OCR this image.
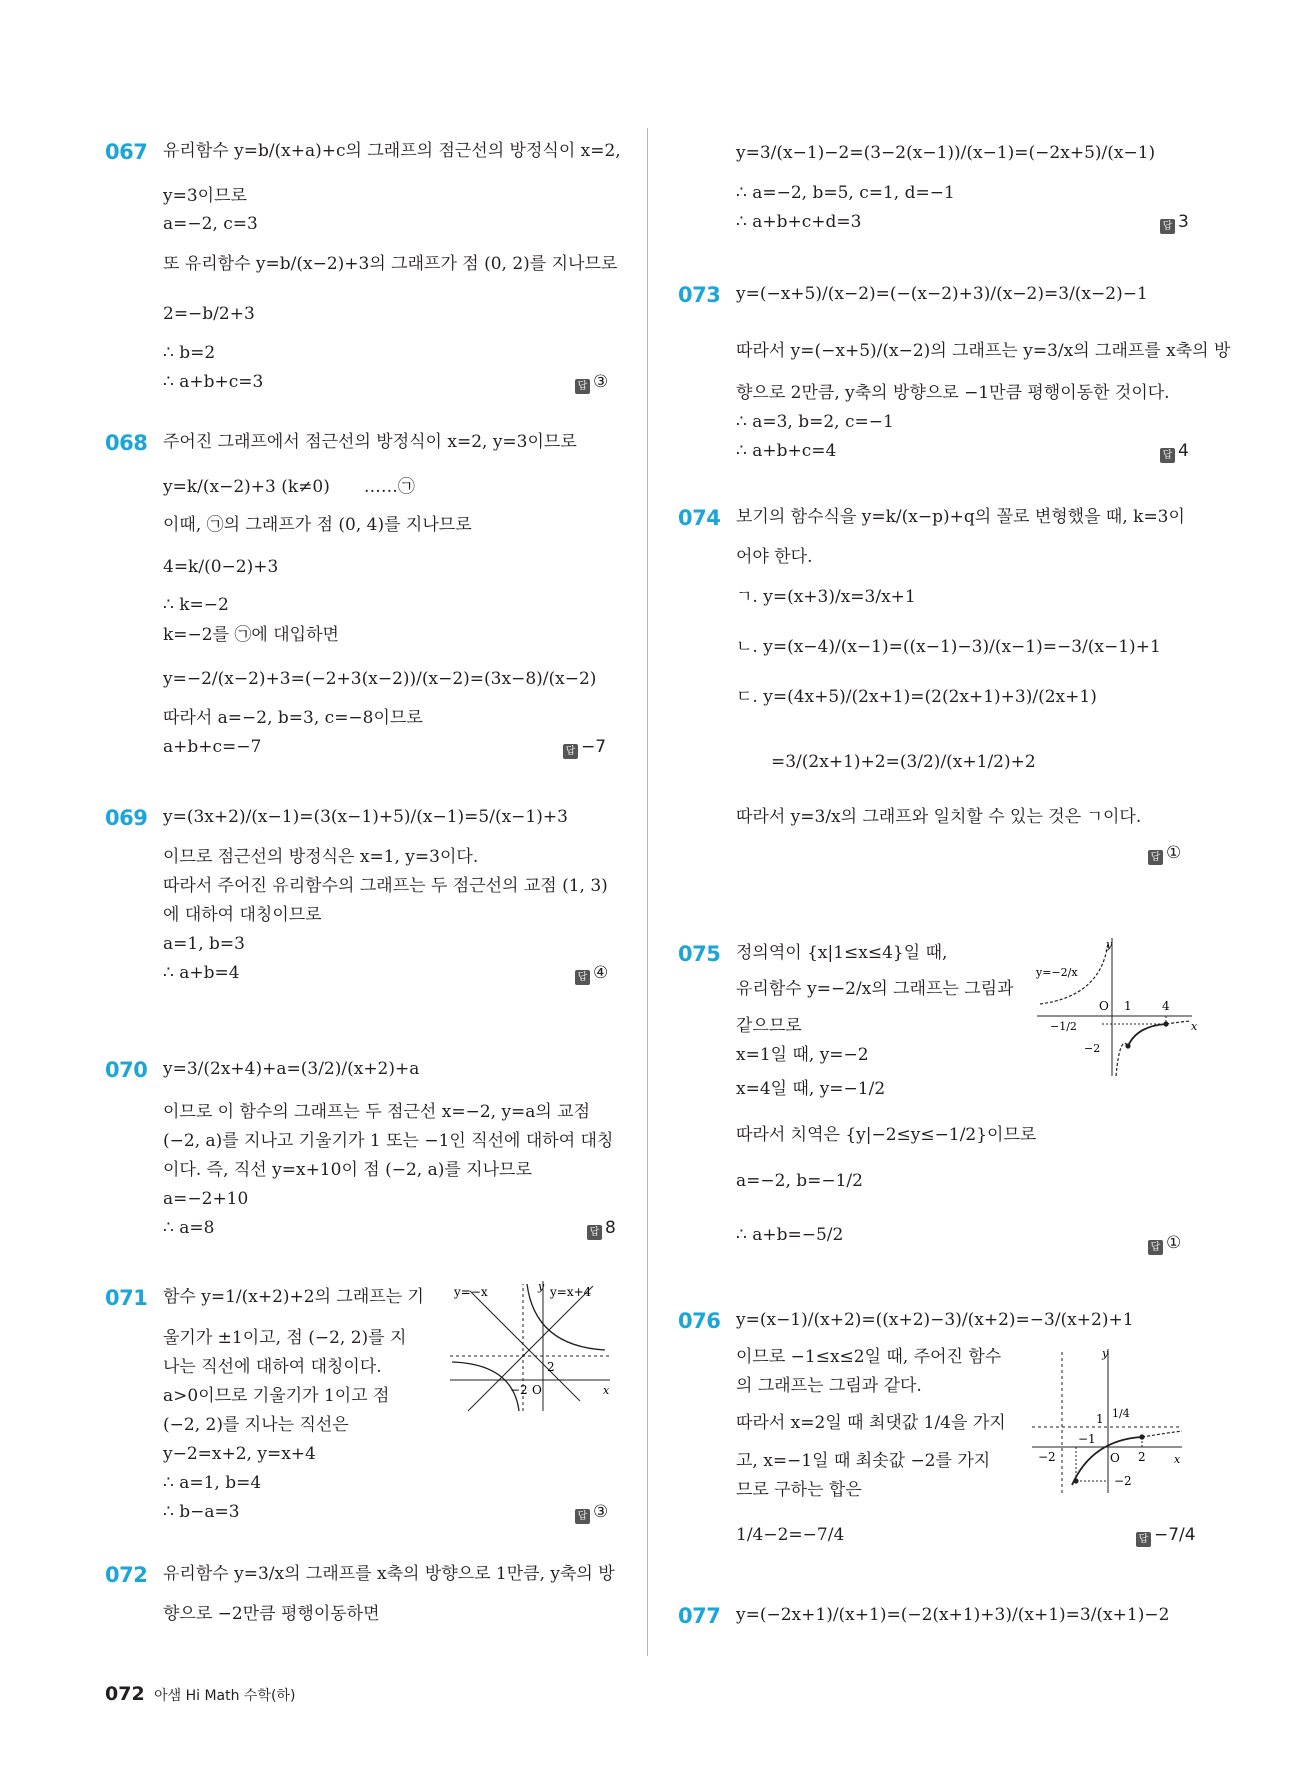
067 유리함수 y=b/(x+a)+c의 그래프의 점근선의 방정식이 x=2,
y=3이므로
a=−2, c=3
또 유리함수 y=b/(x−2)+3의 그래프가 점 (0, 2)를 지나므로
2=−b/2+3
∴ b=2
∴ a+b+c=3	답 ③
068 주어진 그래프에서 점근선의 방정식이 x=2, y=3이므로
y=k/(x−2)+3 (k≠0)　　……㉠
이때, ㉠의 그래프가 점 (0, 4)를 지나므로
4=k/(0−2)+3
∴ k=−2
k=−2를 ㉠에 대입하면
y=−2/(x−2)+3=(−2+3(x−2))/(x−2)=(3x−8)/(x−2)
따라서 a=−2, b=3, c=−8이므로
a+b+c=−7	답 −7
069 y=(3x+2)/(x−1)=(3(x−1)+5)/(x−1)=5/(x−1)+3
이므로 점근선의 방정식은 x=1, y=3이다.
따라서 주어진 유리함수의 그래프는 두 점근선의 교점 (1, 3)
에 대하여 대칭이므로
a=1, b=3
∴ a+b=4	답 ④
070 y=3/(2x+4)+a=(3/2)/(x+2)+a
이므로 이 함수의 그래프는 두 점근선 x=−2, y=a의 교점
(−2, a)를 지나고 기울기가 1 또는 −1인 직선에 대하여 대칭
이다. 즉, 직선 y=x+10이 점 (−2, a)를 지나므로
a=−2+10
∴ a=8	답 8
071 함수 y=1/(x+2)+2의 그래프는 기
울기가 ±1이고, 점 (−2, 2)를 지
나는 직선에 대하여 대칭이다.
a>0이므로 기울기가 1이고 점
(−2, 2)를 지나는 직선은
y−2=x+2, y=x+4
∴ a=1, b=4
∴ b−a=3	답 ③
y=−x	y=x+4
y
x
O
−2
2
072 유리함수 y=3/x의 그래프를 x축의 방향으로 1만큼, y축의 방
향으로 −2만큼 평행이동하면
072 아샘 Hi Math 수학(하)
y=3/(x−1)−2=(3−2(x−1))/(x−1)=(−2x+5)/(x−1)
∴ a=−2, b=5, c=1, d=−1
∴ a+b+c+d=3	답 3
073 y=(−x+5)/(x−2)=(−(x−2)+3)/(x−2)=3/(x−2)−1
따라서 y=(−x+5)/(x−2)의 그래프는 y=3/x의 그래프를 x축의 방
향으로 2만큼, y축의 방향으로 −1만큼 평행이동한 것이다.
∴ a=3, b=2, c=−1
∴ a+b+c=4	답 4
074 보기의 함수식을 y=k/(x−p)+q의 꼴로 변형했을 때, k=3이
어야 한다.
ㄱ. y=(x+3)/x=3/x+1
ㄴ. y=(x−4)/(x−1)=((x−1)−3)/(x−1)=−3/(x−1)+1
ㄷ. y=(4x+5)/(2x+1)=(2(2x+1)+3)/(2x+1)
=3/(2x+1)+2=(3/2)/(x+1/2)+2
따라서 y=3/x의 그래프와 일치할 수 있는 것은 ㄱ이다.
답 ①
075 정의역이 {x|1≤x≤4}일 때,
유리함수 y=−2/x의 그래프는 그림과
같으므로
x=1일 때, y=−2
x=4일 때, y=−1/2
따라서 치역은 {y|−2≤y≤−1/2}이므로
a=−2, b=−1/2
∴ a+b=−5/2
답 ①
y=−2/x
y
x
O 1	4
−1/2
−2
076 y=(x−1)/(x+2)=((x+2)−3)/(x+2)=−3/(x+2)+1
이므로 −1≤x≤2일 때, 주어진 함수
의 그래프는 그림과 같다.
따라서 x=2일 때 최댓값 1/4을 가지
고, x=−1일 때 최솟값 −2를 가지
므로 구하는 합은
1/4−2=−7/4	답 −7/4
y
x
O
1 1/4
−1
−2	2
−2
077 y=(−2x+1)/(x+1)=(−2(x+1)+3)/(x+1)=3/(x+1)−2
